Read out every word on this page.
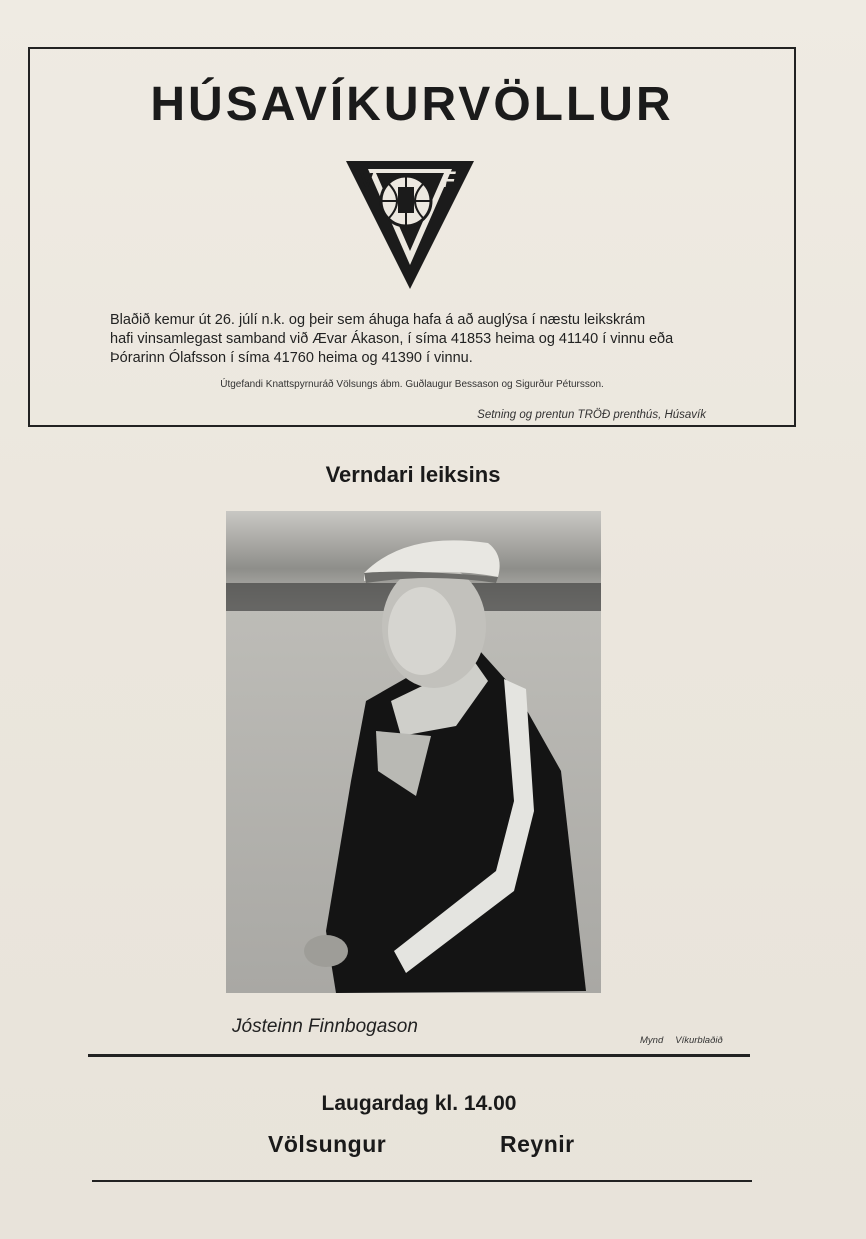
HÚSAVÍKURVÖLLUR
F
V
Blaðið kemur út 26. júlí n.k. og þeir sem áhuga hafa á að auglýsa í næstu leikskrám
hafi vinsamlegast samband við Ævar Ákason, í síma 41853 heima og 41140 í vinnu eða
Þórarinn Ólafsson í síma 41760 heima og 41390 í vinnu.
Útgefandi Knattspyrnuráð Völsungs ábm. Guðlaugur Bessason og Sigurður Pétursson.
Setning og prentun TRÖÐ prenthús, Húsavík
Verndari leiksins
Jósteinn Finnbogason
Mynd Víkurblaðið
Laugardag kl. 14.00
Völsungur	Reynir
